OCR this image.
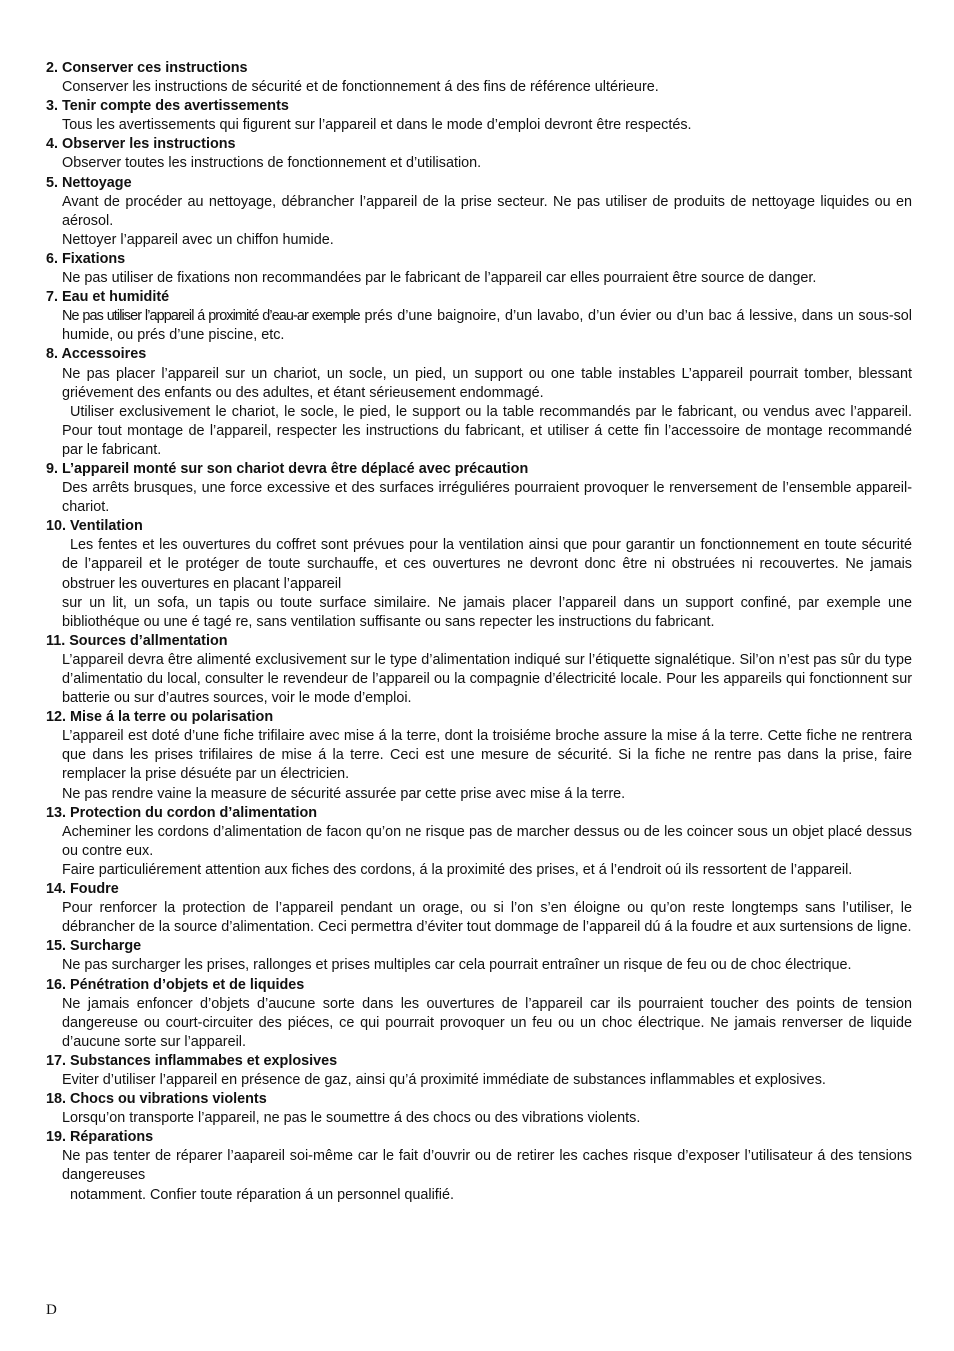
2. Conserver ces instructions
Conserver les instructions de sécurité et de fonctionnement á des fins de référence ultérieure.
3. Tenir compte des avertissements
Tous les avertissements qui figurent sur l’appareil et dans le mode d’emploi devront être respectés.
4. Observer les instructions
Observer toutes les instructions de fonctionnement et d’utilisation.
5. Nettoyage
Avant de procéder au nettoyage, débrancher l’appareil de la prise secteur. Ne pas utiliser de produits de nettoyage liquides ou en aérosol.
Nettoyer l’appareil avec un chiffon humide.
6. Fixations
Ne pas utiliser de fixations non recommandées par le fabricant de l’appareil car elles pourraient être source de danger.
7. Eau et humidité
Ne pas utiliser l’appareil á proximité d’eau-ar exemple prés d’une baignoire, d’un lavabo, d’un évier ou d’un bac á lessive, dans un sous-sol humide, ou prés d’une piscine, etc.
8. Accessoires
Ne pas placer l’appareil sur un chariot, un socle, un pied, un support ou one table instables L’appareil pourrait tomber, blessant griévement des enfants ou des adultes, et étant sérieusement endommagé.
Utiliser exclusivement le chariot, le socle, le pied, le support ou la table recommandés par le fabricant, ou vendus avec l’appareil. Pour tout montage de l’appareil, respecter les instructions du fabricant, et utiliser á cette fin l’accessoire de montage recommandé par le fabricant.
9. L’appareil monté sur son chariot devra être déplacé avec précaution
Des arrêts brusques, une force excessive et des surfaces irréguliéres pourraient provoquer le renversement de l’ensemble appareil-chariot.
10. Ventilation
Les fentes et les ouvertures du coffret sont prévues pour la ventilation ainsi que pour garantir un fonctionnement en toute sécurité de l’appareil et le protéger de toute surchauffe, et ces ouvertures ne devront donc être ni obstruées ni recouvertes. Ne jamais obstruer les ouvertures en placant l’appareil
sur un lit, un sofa, un tapis ou toute surface similaire. Ne jamais placer l’appareil dans un support confiné, par exemple une bibliothéque ou une é tagé re, sans ventilation suffisante ou sans repecter les instructions du fabricant.
11. Sources d’allmentation
L’appareil devra être alimenté exclusivement sur le type d’alimentation indiqué sur l’étiquette signalétique. Sil’on n’est pas sûr du type d’alimentatio du local, consulter le revendeur de l’appareil ou la compagnie d’électricité locale. Pour les appareils qui fonctionnent sur batterie ou sur d’autres sources, voir le mode d’emploi.
12. Mise á la terre ou polarisation
L’appareil est doté d’une fiche trifilaire avec mise á la terre, dont la troisiéme broche assure la mise á la terre. Cette fiche ne rentrera que dans les prises trifilaires de mise á la terre. Ceci est une mesure de sécurité. Si la fiche ne rentre pas dans la prise, faire remplacer la prise désuéte par un électricien.
Ne pas rendre vaine la measure de sécurité assurée par cette prise avec mise á la terre.
13. Protection du cordon d’alimentation
Acheminer les cordons d’alimentation de facon qu’on ne risque pas de marcher dessus ou de les coincer sous un objet placé dessus ou contre eux.
Faire particuliérement attention aux fiches des cordons, á la proximité des prises, et á l’endroit oú ils ressortent de l’appareil.
14. Foudre
Pour renforcer la protection de l’appareil pendant un orage, ou si l’on s’en éloigne ou qu’on reste longtemps sans l’utiliser, le débrancher de la source d’alimentation. Ceci permettra d’éviter tout dommage de l’appareil dú á la foudre et aux surtensions de ligne.
15. Surcharge
Ne pas surcharger les prises, rallonges et prises multiples car cela pourrait entraîner un risque de feu ou de choc électrique.
16. Pénétration d’objets et de liquides
Ne jamais enfoncer d’objets d’aucune sorte dans les ouvertures de l’appareil car ils pourraient toucher des points de tension dangereuse ou court-circuiter des piéces, ce qui pourrait provoquer un feu ou un choc électrique. Ne jamais renverser de liquide d’aucune sorte sur l’appareil.
17. Substances inflammabes et explosives
Eviter d’utiliser l’appareil en présence de gaz, ainsi qu’á proximité immédiate de substances inflammables et explosives.
18. Chocs ou vibrations violents
Lorsqu’on transporte l’appareil, ne pas le soumettre á des chocs ou des vibrations violents.
19. Réparations
Ne pas tenter de réparer l’aapareil soi-même car le fait d’ouvrir ou de retirer les caches risque d’exposer l’utilisateur á des tensions dangereuses
notamment. Confier toute réparation á un personnel qualifié.
D
